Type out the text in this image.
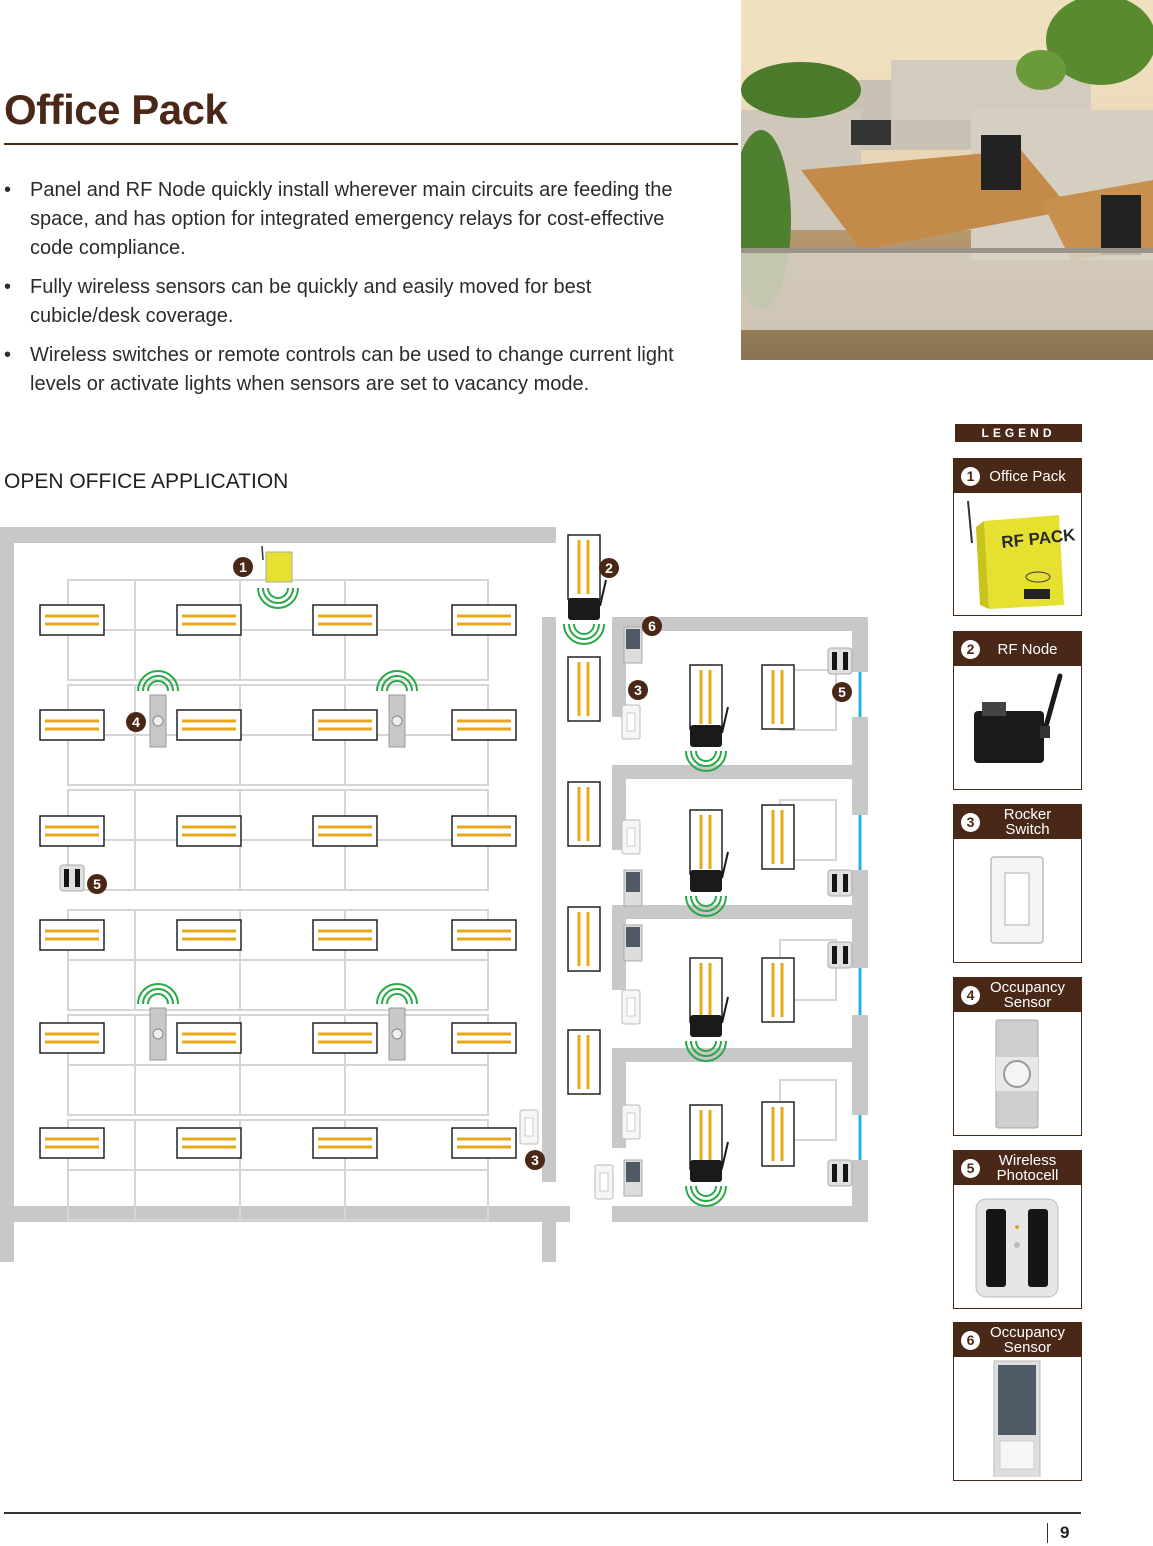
Office Pack
• Panel and RF Node quickly install wherever main circuits are feeding the space, and has option for integrated emergency relays for cost-effective code compliance.
• Fully wireless sensors can be quickly and easily moved for best cubicle/desk coverage.
• Wireless switches or remote controls can be used to change current light levels or activate lights when sensors are set to vacancy mode.
OPEN OFFICE APPLICATION
1	2
6
3	5
4
5
3
LEGEND
1 Office Pack
RF PACK
2	RF Node
3	Rocker Switch
4	Occupancy Sensor
5	Wireless Photocell
6	Occupancy Sensor
9
